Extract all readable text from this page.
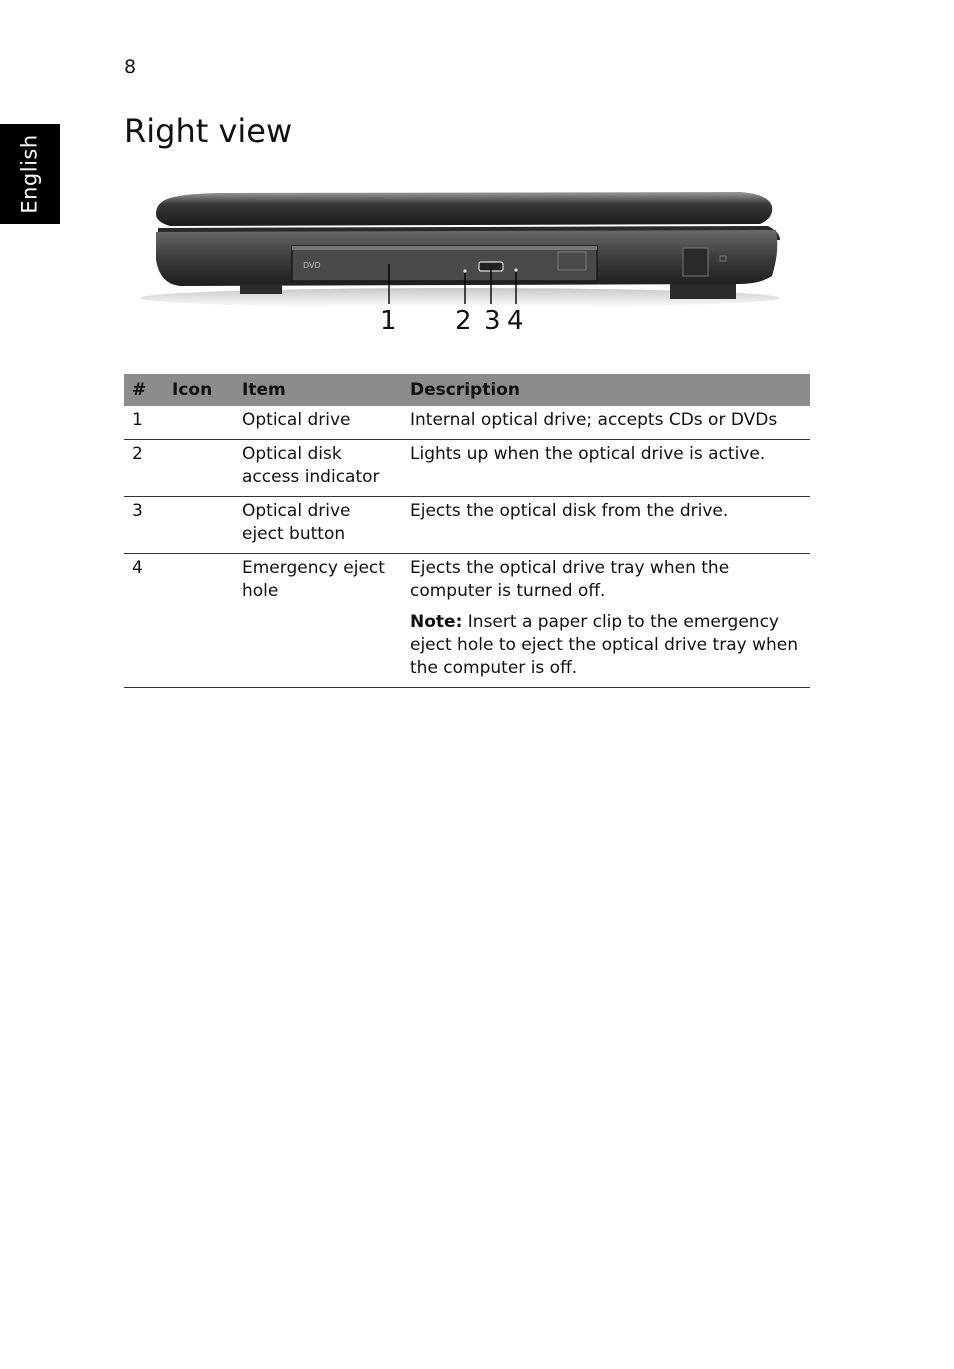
8
English
Right view
DVD
1 2 3 4
#	Icon	Item	Description
1		Optical drive	Internal optical drive; accepts CDs or DVDs

2		Optical disk access indicator	Lights up when the optical drive is active.

3		Optical drive eject button	Ejects the optical disk from the drive.

4		Emergency eject hole	Ejects the optical drive tray when the computer is turned off.

Note: Insert a paper clip to the emergency eject hole to eject the optical drive tray when the computer is off.
